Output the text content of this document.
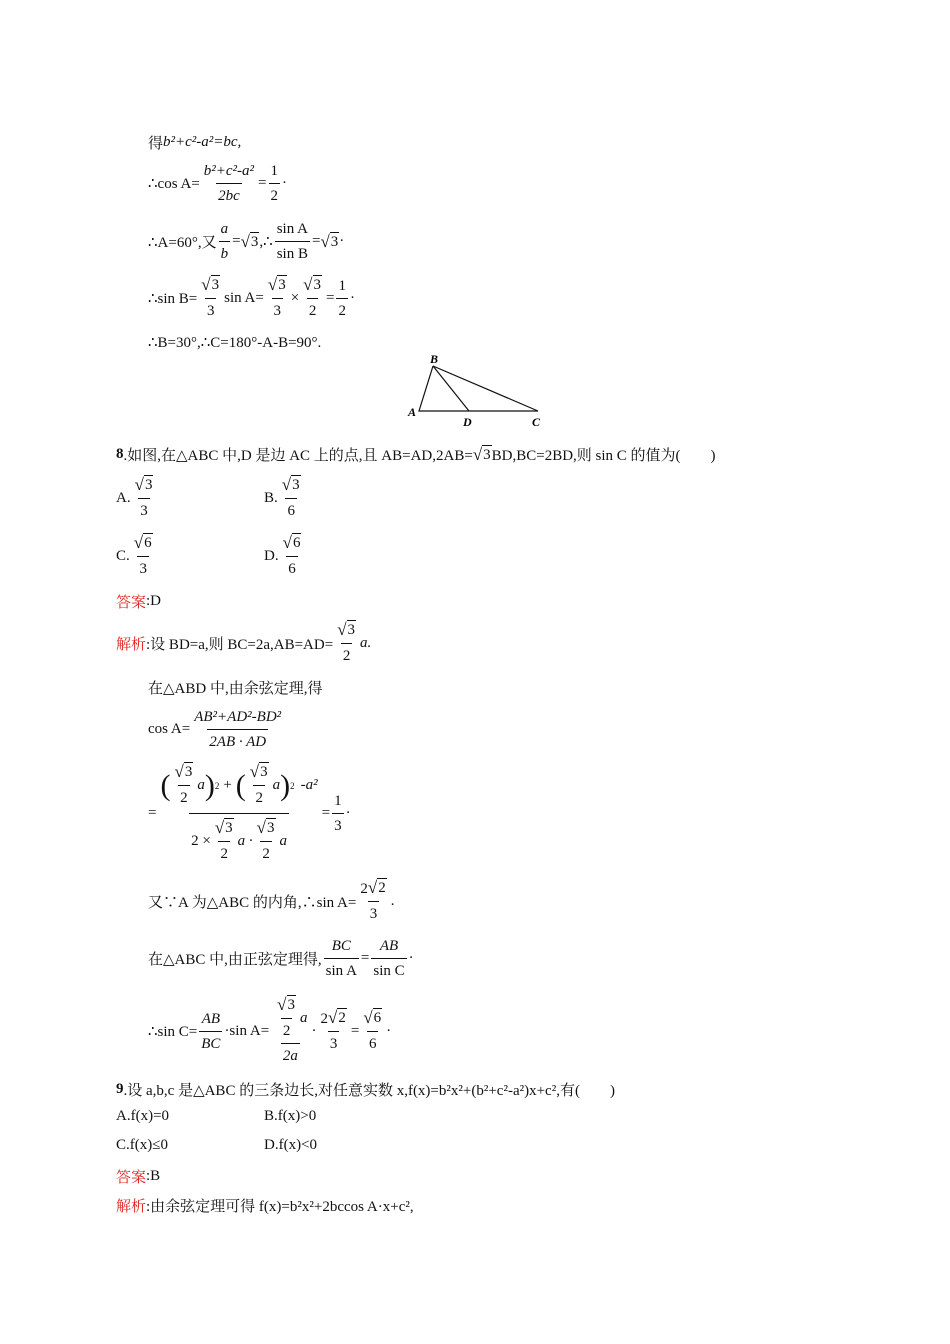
得 b²+c²-a²=bc,
∴cos $A= \frac{\text{b²+c²-a²}}{2bc} = \frac{1}{2}$ ·
∴A=60°,又 $\frac{a}{b}$ = √ 3 ,∴ $\frac{\text{sin A}}{\text{sin B}}$ = √ 3 ·
∴sin $B= \frac{√ 3}{3}$ $\sin A= \frac{√ 3}{3} \times \frac{√ 3}{2} = \frac{1}{2}$ ·
∴B=30°,∴C=180°-A-B=90°.
B
A
D	C
8 .如图,在△ABC 中,D 是边 AC 上的点,且 AB=AD,2AB= √ 3 BD,BC=2BD,则 sin C 的值为(　　)
A. $\frac{√ 3}{3}$	B. $\frac{√ 3}{6}$
C. $\frac{√ 6}{3}$	D. $\frac{√ 6}{6}$
答案 :D
解析 :设 BD=a,则 $BC=2a,AB=AD= \frac{√ 3}{2} a$.
在△ABD 中,由余弦定理,得
$\cos A= \frac{\text{AB²+AD²-BD²}}{2AB \cdot AD}$
=
( $\frac{√ 3}{2}$ a ) 2 + ( $\frac{√ 3}{2}$ a ) 2 -a²
$2 \times \frac{√ 3}{2}$ $a \cdot \frac{√ 3}{2}$ a
= $\frac{1}{3}$ ·
又∵A 为△ABC 的内角,∴sin $A= \frac{2 √ 2}{3}$ .
在△ABC 中,由正弦定理得, $\frac{BC}{\text{sin A}} = \frac{AB}{\text{sin C}}$ ·
∴sin $C= \frac{AB}{BC} \cdot\sin$ $A= \frac{\frac{√ 3}{2} a}{2a} \cdot \frac{2 √ 2}{3} = \frac{√ 6}{6}$ ·
9 .设 a,b,c 是△ABC 的三条边长,对任意实数 x,f(x)=b²x²+(b²+c²-a²)x+c²,有(　　)
A.f(x)=0	B.f(x)>0
C.f(x)≤0	D.f(x)<0
答案 :B
解析 :由余弦定理可得 f(x)=b²x²+2bccos A·x+c²,
